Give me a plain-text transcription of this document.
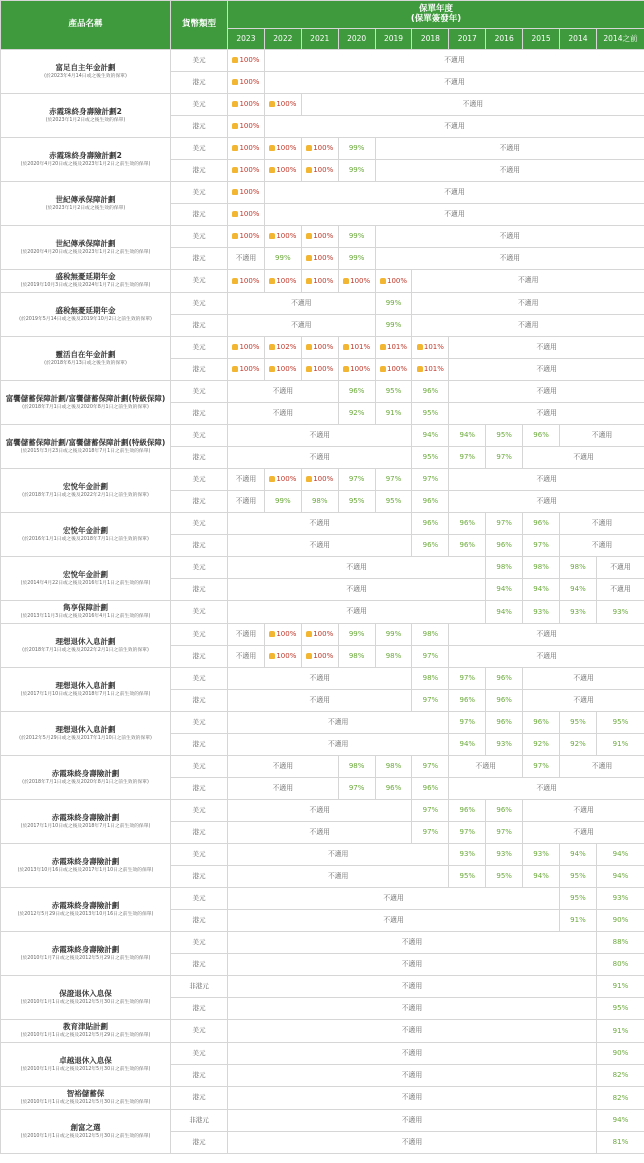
產品名稱	貨幣類型	保單年度
(保單簽發年)										
		2023	2022	2021	2020	2019	2018	2017	2016	2015	2014	2014之前

富足自主年金計劃
(於2023年4月14日或之後生效的保單)	美元	100%	不適用									
	港元	100%	不適用									

赤霞珠終身壽險計劃2
(於2023年1月2日或之後生效的保單)	美元	100%	100%	不適用								
	港元	100%	不適用									

赤霞珠終身壽險計劃2
(於2020年4月20日或之後及2023年1月2日之前生效的保單)	美元	100%	100%	100%	99%	不適用						
	港元	100%	100%	100%	99%	不適用						

世紀傳承保障計劃
(於2023年1月2日或之後生效的保單)	美元	100%	不適用									
	港元	100%	不適用									

世紀傳承保障計劃
(於2020年4月20日或之後及2023年1月2日之前生效的保單)	美元	100%	100%	100%	99%	不適用						
	港元	不適用	99%	100%	99%	不適用						

盛稅無憂延期年金
(於2019年10月3日或之後及2024年1月7日之前生效的保單)	美元	100%	100%	100%	100%	100%	不適用					

盛稅無憂延期年金
(於2019年5月14日或之後及2019年10月2日之前生效的保單)	美元	不適用				99%	不適用					
	港元	不適用				99%	不適用					

靈活自在年金計劃
(於2018年6月13日或之後生效的保單)	美元	100%	102%	100%	101%	101%	101%	不適用				
	港元	100%	100%	100%	100%	100%	101%	不適用				

富饗儲蓄保障計劃/富饗儲蓄保障計劃(特級保障)
(於2018年7月1日或之後及2020年8月1日之前生效的保單)	美元	不適用			96%	95%	96%	不適用				
	港元	不適用			92%	91%	95%	不適用				

富饗儲蓄保障計劃/富饗儲蓄保障計劃(特級保障)
(於2015年3月23日或之後及2018年7月1日之前生效的保單)	美元	不適用					94%	94%	95%	96%	不適用	
	港元	不適用					95%	97%	97%	不適用		

宏悅年金計劃
(於2018年7月1日或之後及2022年2月1日之前生效的保單)	美元	不適用	100%	100%	97%	97%	97%	不適用				
	港元	不適用	99%	98%	95%	95%	96%	不適用				

宏悅年金計劃
(於2016年1月1日或之後及2018年7月1日之前生效的保單)	美元	不適用					96%	96%	97%	96%	不適用	
	港元	不適用					96%	96%	96%	97%	不適用	

宏悅年金計劃
(於2014年4月22日或之後及2016年1月1日之前生效的保單)	美元	不適用							98%	98%	98%	不適用
	港元	不適用							94%	94%	94%	不適用

雋享保障計劃
(於2013年11月3日或之後及2016年4月1日之前生效的保單)	美元	不適用							94%	93%	93%	93%

理想退休入息計劃
(於2018年7月1日或之後及2022年2月1日之前生效的保單)	美元	不適用	100%	100%	99%	99%	98%	不適用				
	港元	不適用	100%	100%	98%	98%	97%	不適用				

理想退休入息計劃
(於2017年1月10日或之後及2018年7月1日之前生效的保單)	美元	不適用					98%	97%	96%	不適用		
	港元	不適用					97%	96%	96%	不適用		

理想退休入息計劃
(於2012年5月29日或之後及2017年1月10日之前生效的保單)	美元	不適用						97%	96%	96%	95%	95%
	港元	不適用						94%	93%	92%	92%	91%

赤霞珠終身壽險計劃
(於2018年7月1日或之後及2020年8月1日之前生效的保單)	美元	不適用			98%	98%	97%	不適用		97%	不適用	
	港元	不適用			97%	96%	96%	不適用				

赤霞珠終身壽險計劃
(於2017年1月10日或之後及2018年7月1日之前生效的保單)	美元	不適用					97%	96%	96%	不適用		
	港元	不適用					97%	97%	97%	不適用		

赤霞珠終身壽險計劃
(於2013年10月16日或之後及2017年1月10日之前生效的保單)	美元	不適用						93%	93%	93%	94%	94%
	港元	不適用						95%	95%	94%	95%	94%

赤霞珠終身壽險計劃
(於2012年5月29日或之後及2013年10月16日之前生效的保單)	美元	不適用									95%	93%
	港元	不適用									91%	90%

赤霞珠終身壽險計劃
(於2010年1月7日或之後及2012年5月29日之前生效的保單)	美元	不適用										88%
	港元	不適用										80%

保證退休入息保
(於2010年1月1日或之後及2012年5月30日之前生效的保單)	非港元	不適用										91%
	港元	不適用										95%

教育津貼計劃
(於2010年1月1日或之後及2012年5月29日之前生效的保單)	美元	不適用										91%

卓越退休入息保
(於2010年1月1日或之後及2012年5月30日之前生效的保單)	美元	不適用										90%
	港元	不適用										82%

智裕儲蓄保
(於2010年1月1日或之後及2012年5月30日之前生效的保單)	港元	不適用										82%

創富之選
(於2010年1月1日或之後及2012年5月30日之前生效的保單)	非港元	不適用										94%
	港元	不適用										81%
